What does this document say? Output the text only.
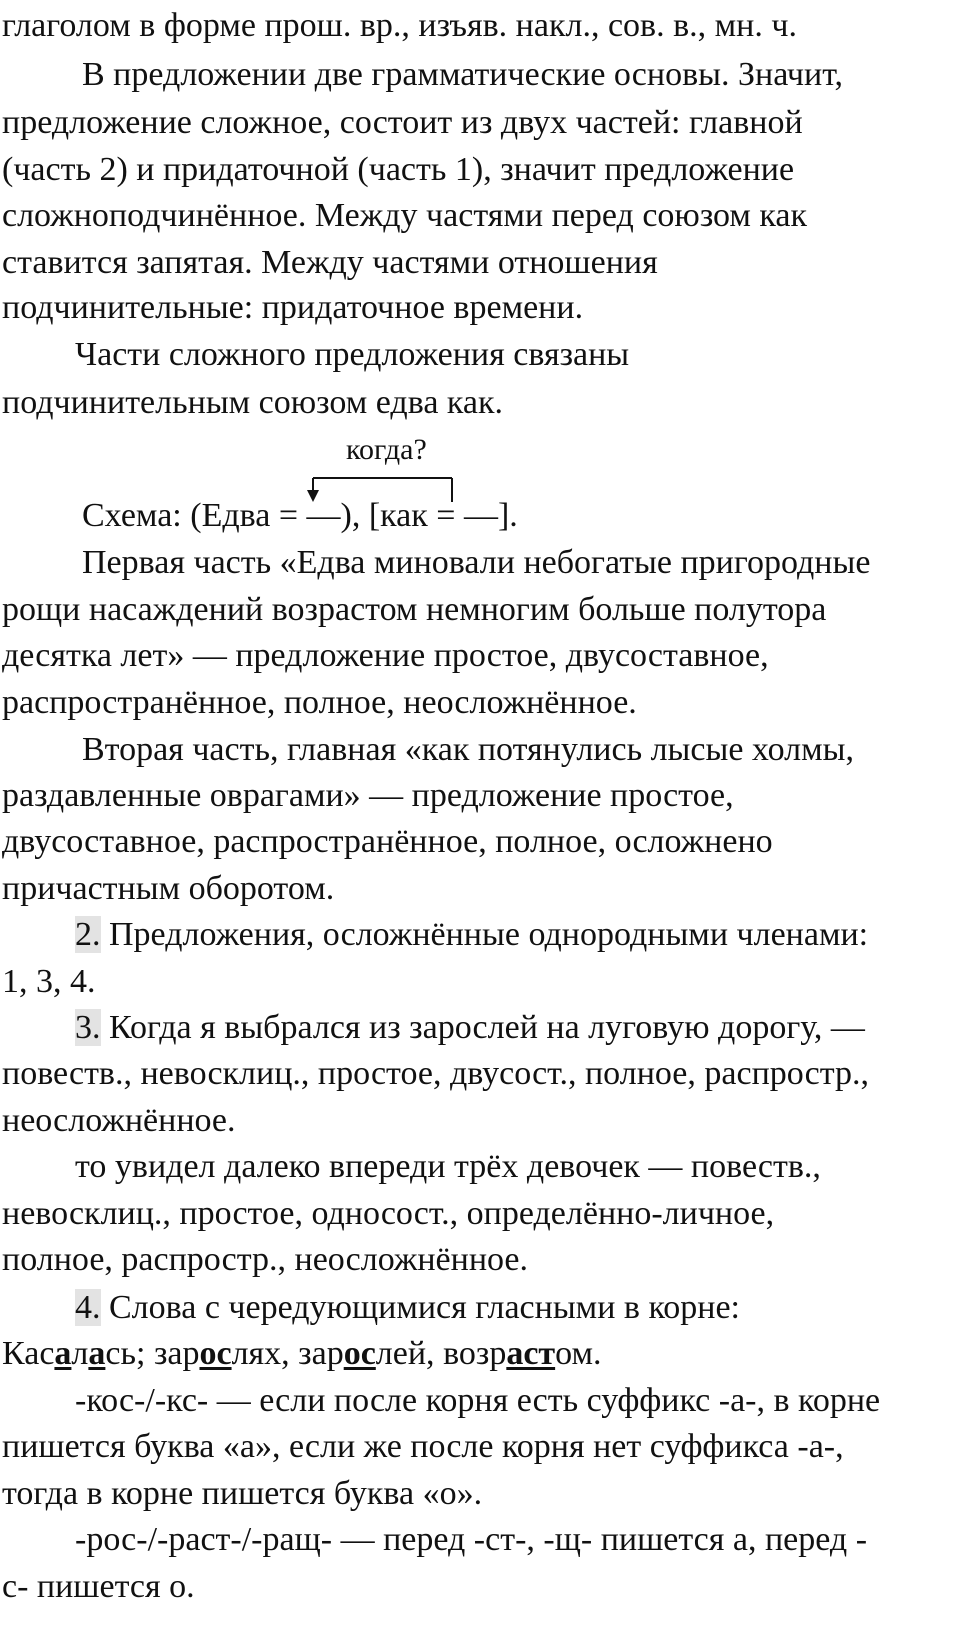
глаголом в форме прош. вр., изъяв. накл., сов. в., мн. ч.
В предложении две грамматические основы. Значит,
предложение сложное, состоит из двух частей: главной
(часть 2) и придаточной (часть 1), значит предложение
сложноподчинённое. Между частями перед союзом как
ставится запятая. Между частями отношения
подчинительные: придаточное времени.
Части сложного предложения связаны
подчинительным союзом едва как.
когда?
Схема: (Едва = —), [как = —].
Первая часть «Едва миновали небогатые пригородные
рощи насаждений возрастом немногим больше полутора
десятка лет» — предложение простое, двусоставное,
распространённое, полное, неосложнённое.
Вторая часть, главная «как потянулись лысые холмы,
раздавленные оврагами» — предложение простое,
двусоставное, распространённое, полное, осложнено
причастным оборотом.
2. Предложения, осложнённые однородными членами:
1, 3, 4.
3. Когда я выбрался из зарослей на луговую дорогу, —
повеств., невосклиц., простое, двусост., полное, распростр.,
неосложнённое.
то увидел далеко впереди трёх девочек — повеств.,
невосклиц., простое, односост., определённо-личное,
полное, распростр., неосложнённое.
4. Слова с чередующимися гласными в корне:
Касалась; зарослях, зарослей, возрастом.
-кос-/-кс- — если после корня есть суффикс -а-, в корне
пишется буква «а», если же после корня нет суффикса -а-,
тогда в корне пишется буква «о».
-рос-/-раст-/-ращ- — перед -ст-, -щ- пишется а, перед -
с- пишется о.
